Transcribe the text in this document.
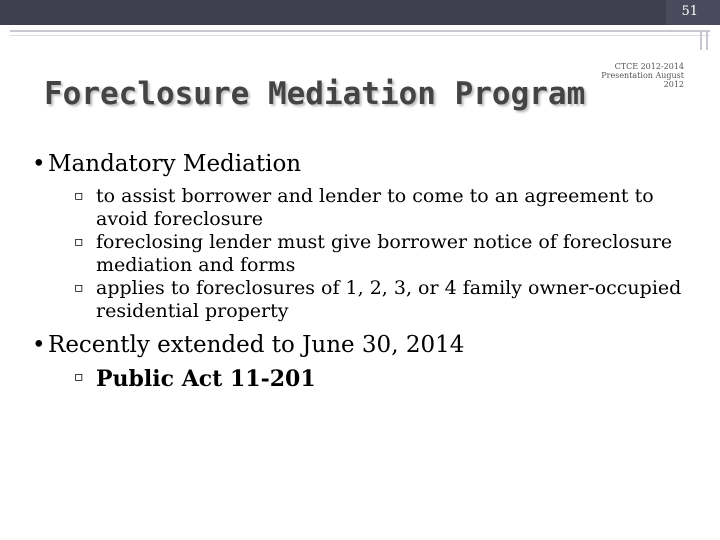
51
Foreclosure Mediation Program
CTCE 2012-2014 Presentation August 2012
• Mandatory Mediation
▫ to assist borrower and lender to come to an agreement to avoid foreclosure
▫ foreclosing lender must give borrower notice of foreclosure mediation and forms
▫ applies to foreclosures of 1, 2, 3, or 4 family owner-occupied residential property
• Recently extended to June 30, 2014
▫ Public Act 11-201
